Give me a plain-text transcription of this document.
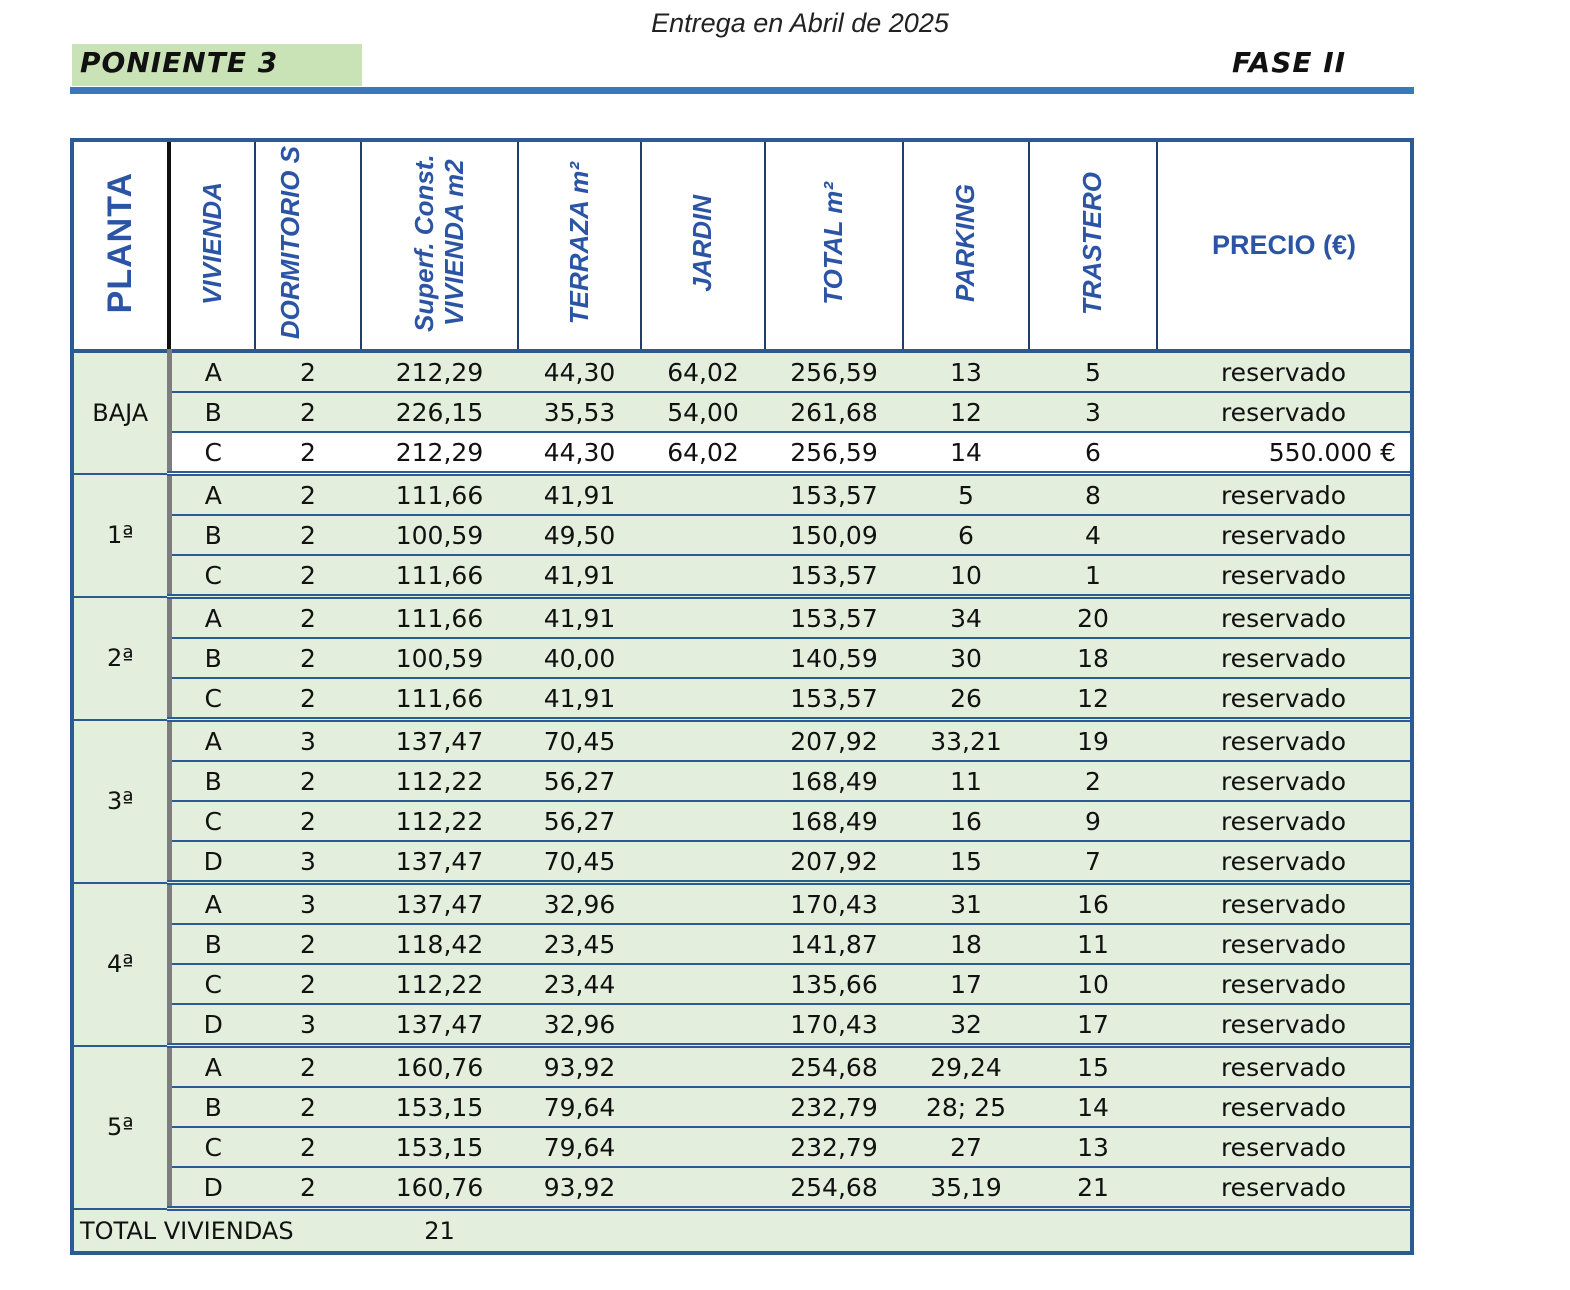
Entrega en Abril de 2025
PONIENTE 3	FASE II
PLANTA	VIVIENDA	DORMITORIO S	Superf. Const. VIVIENDA m2	TERRAZA m²	JARDIN	TOTAL m²	PARKING	TRASTERO	PRECIO (€)
BAJA	A	2	212,29	44,30	64,02	256,59	13	5	reservado
	B	2	226,15	35,53	54,00	261,68	12	3	reservado
	C	2	212,29	44,30	64,02	256,59	14	6	550.000 €
1ª	A	2	111,66	41,91		153,57	5	8	reservado
	B	2	100,59	49,50		150,09	6	4	reservado
	C	2	111,66	41,91		153,57	10	1	reservado
2ª	A	2	111,66	41,91		153,57	34	20	reservado
	B	2	100,59	40,00		140,59	30	18	reservado
	C	2	111,66	41,91		153,57	26	12	reservado
3ª	A	3	137,47	70,45		207,92	33,21	19	reservado
	B	2	112,22	56,27		168,49	11	2	reservado
	C	2	112,22	56,27		168,49	16	9	reservado
	D	3	137,47	70,45		207,92	15	7	reservado
4ª	A	3	137,47	32,96		170,43	31	16	reservado
	B	2	118,42	23,45		141,87	18	11	reservado
	C	2	112,22	23,44		135,66	17	10	reservado
	D	3	137,47	32,96		170,43	32	17	reservado
5ª	A	2	160,76	93,92		254,68	29,24	15	reservado
	B	2	153,15	79,64		232,79	28; 25	14	reservado
	C	2	153,15	79,64		232,79	27	13	reservado
	D	2	160,76	93,92		254,68	35,19	21	reservado
TOTAL VIVIENDAS			21						
